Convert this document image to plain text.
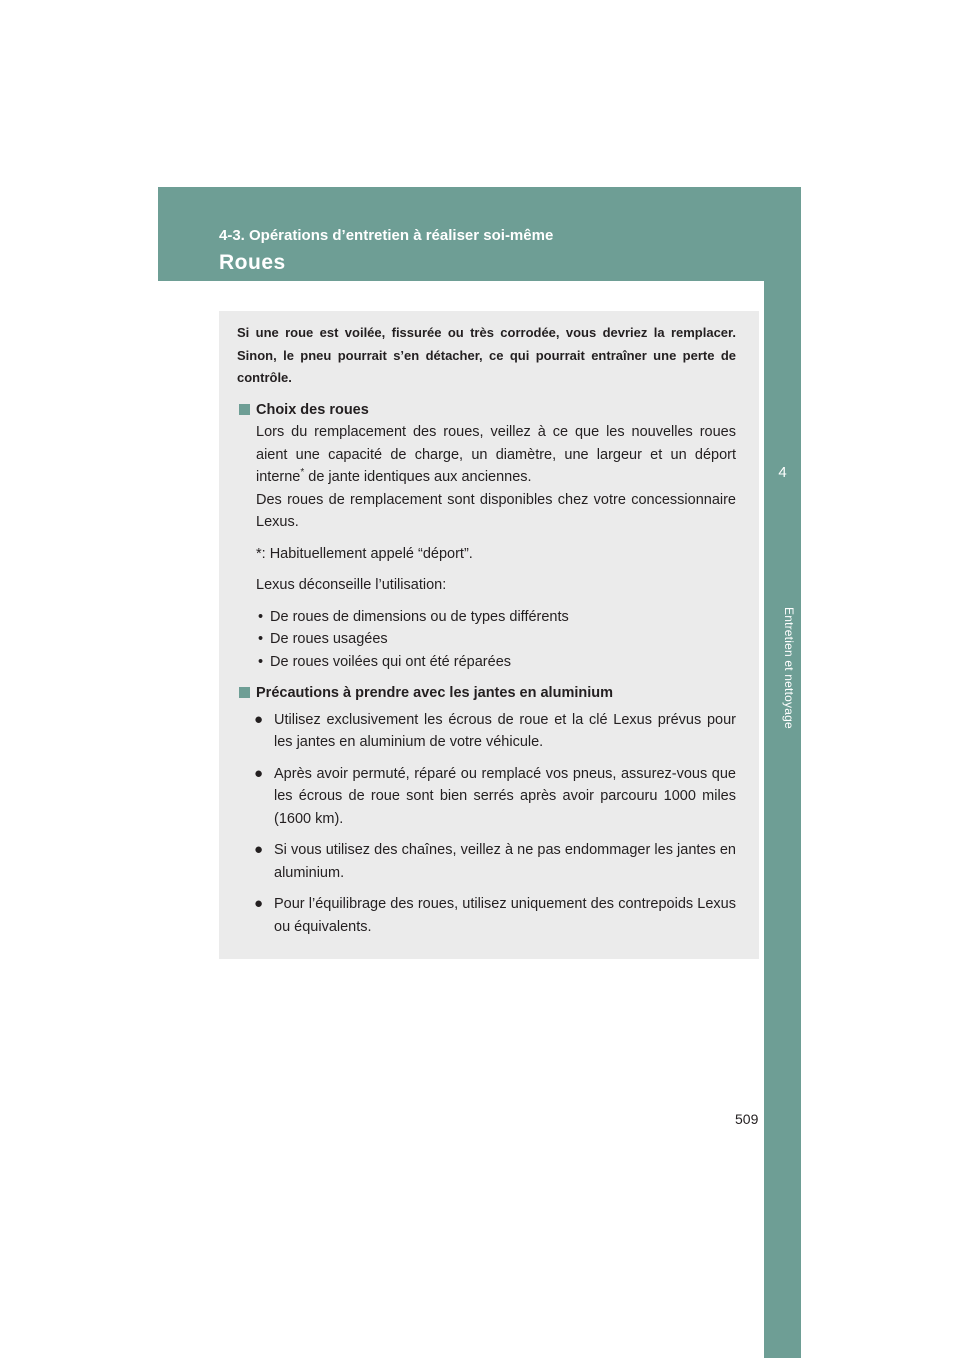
4-3. Opérations d’entretien à réaliser soi-même
Roues
4
Entretien et nettoyage

Si une roue est voilée, fissurée ou très corrodée, vous devriez la remplacer. Sinon, le pneu pourrait s’en détacher, ce qui pourrait entraîner une perte de contrôle.

Choix des roues

Lors du remplacement des roues, veillez à ce que les nouvelles roues aient une capacité de charge, un diamètre, une largeur et un déport interne* de jante identiques aux anciennes.

Des roues de remplacement sont disponibles chez votre concessionnaire Lexus.

*: Habituellement appelé “déport”.

Lexus déconseille l’utilisation:

• De roues de dimensions ou de types différents

• De roues usagées

• De roues voilées qui ont été réparées

Précautions à prendre avec les jantes en aluminium

● Utilisez exclusivement les écrous de roue et la clé Lexus prévus pour les jantes en aluminium de votre véhicule.

● Après avoir permuté, réparé ou remplacé vos pneus, assurez-vous que les écrous de roue sont bien serrés après avoir parcouru 1000 miles (1600 km).

● Si vous utilisez des chaînes, veillez à ne pas endommager les jantes en aluminium.

● Pour l’équilibrage des roues, utilisez uniquement des contrepoids Lexus ou équivalents.

509
